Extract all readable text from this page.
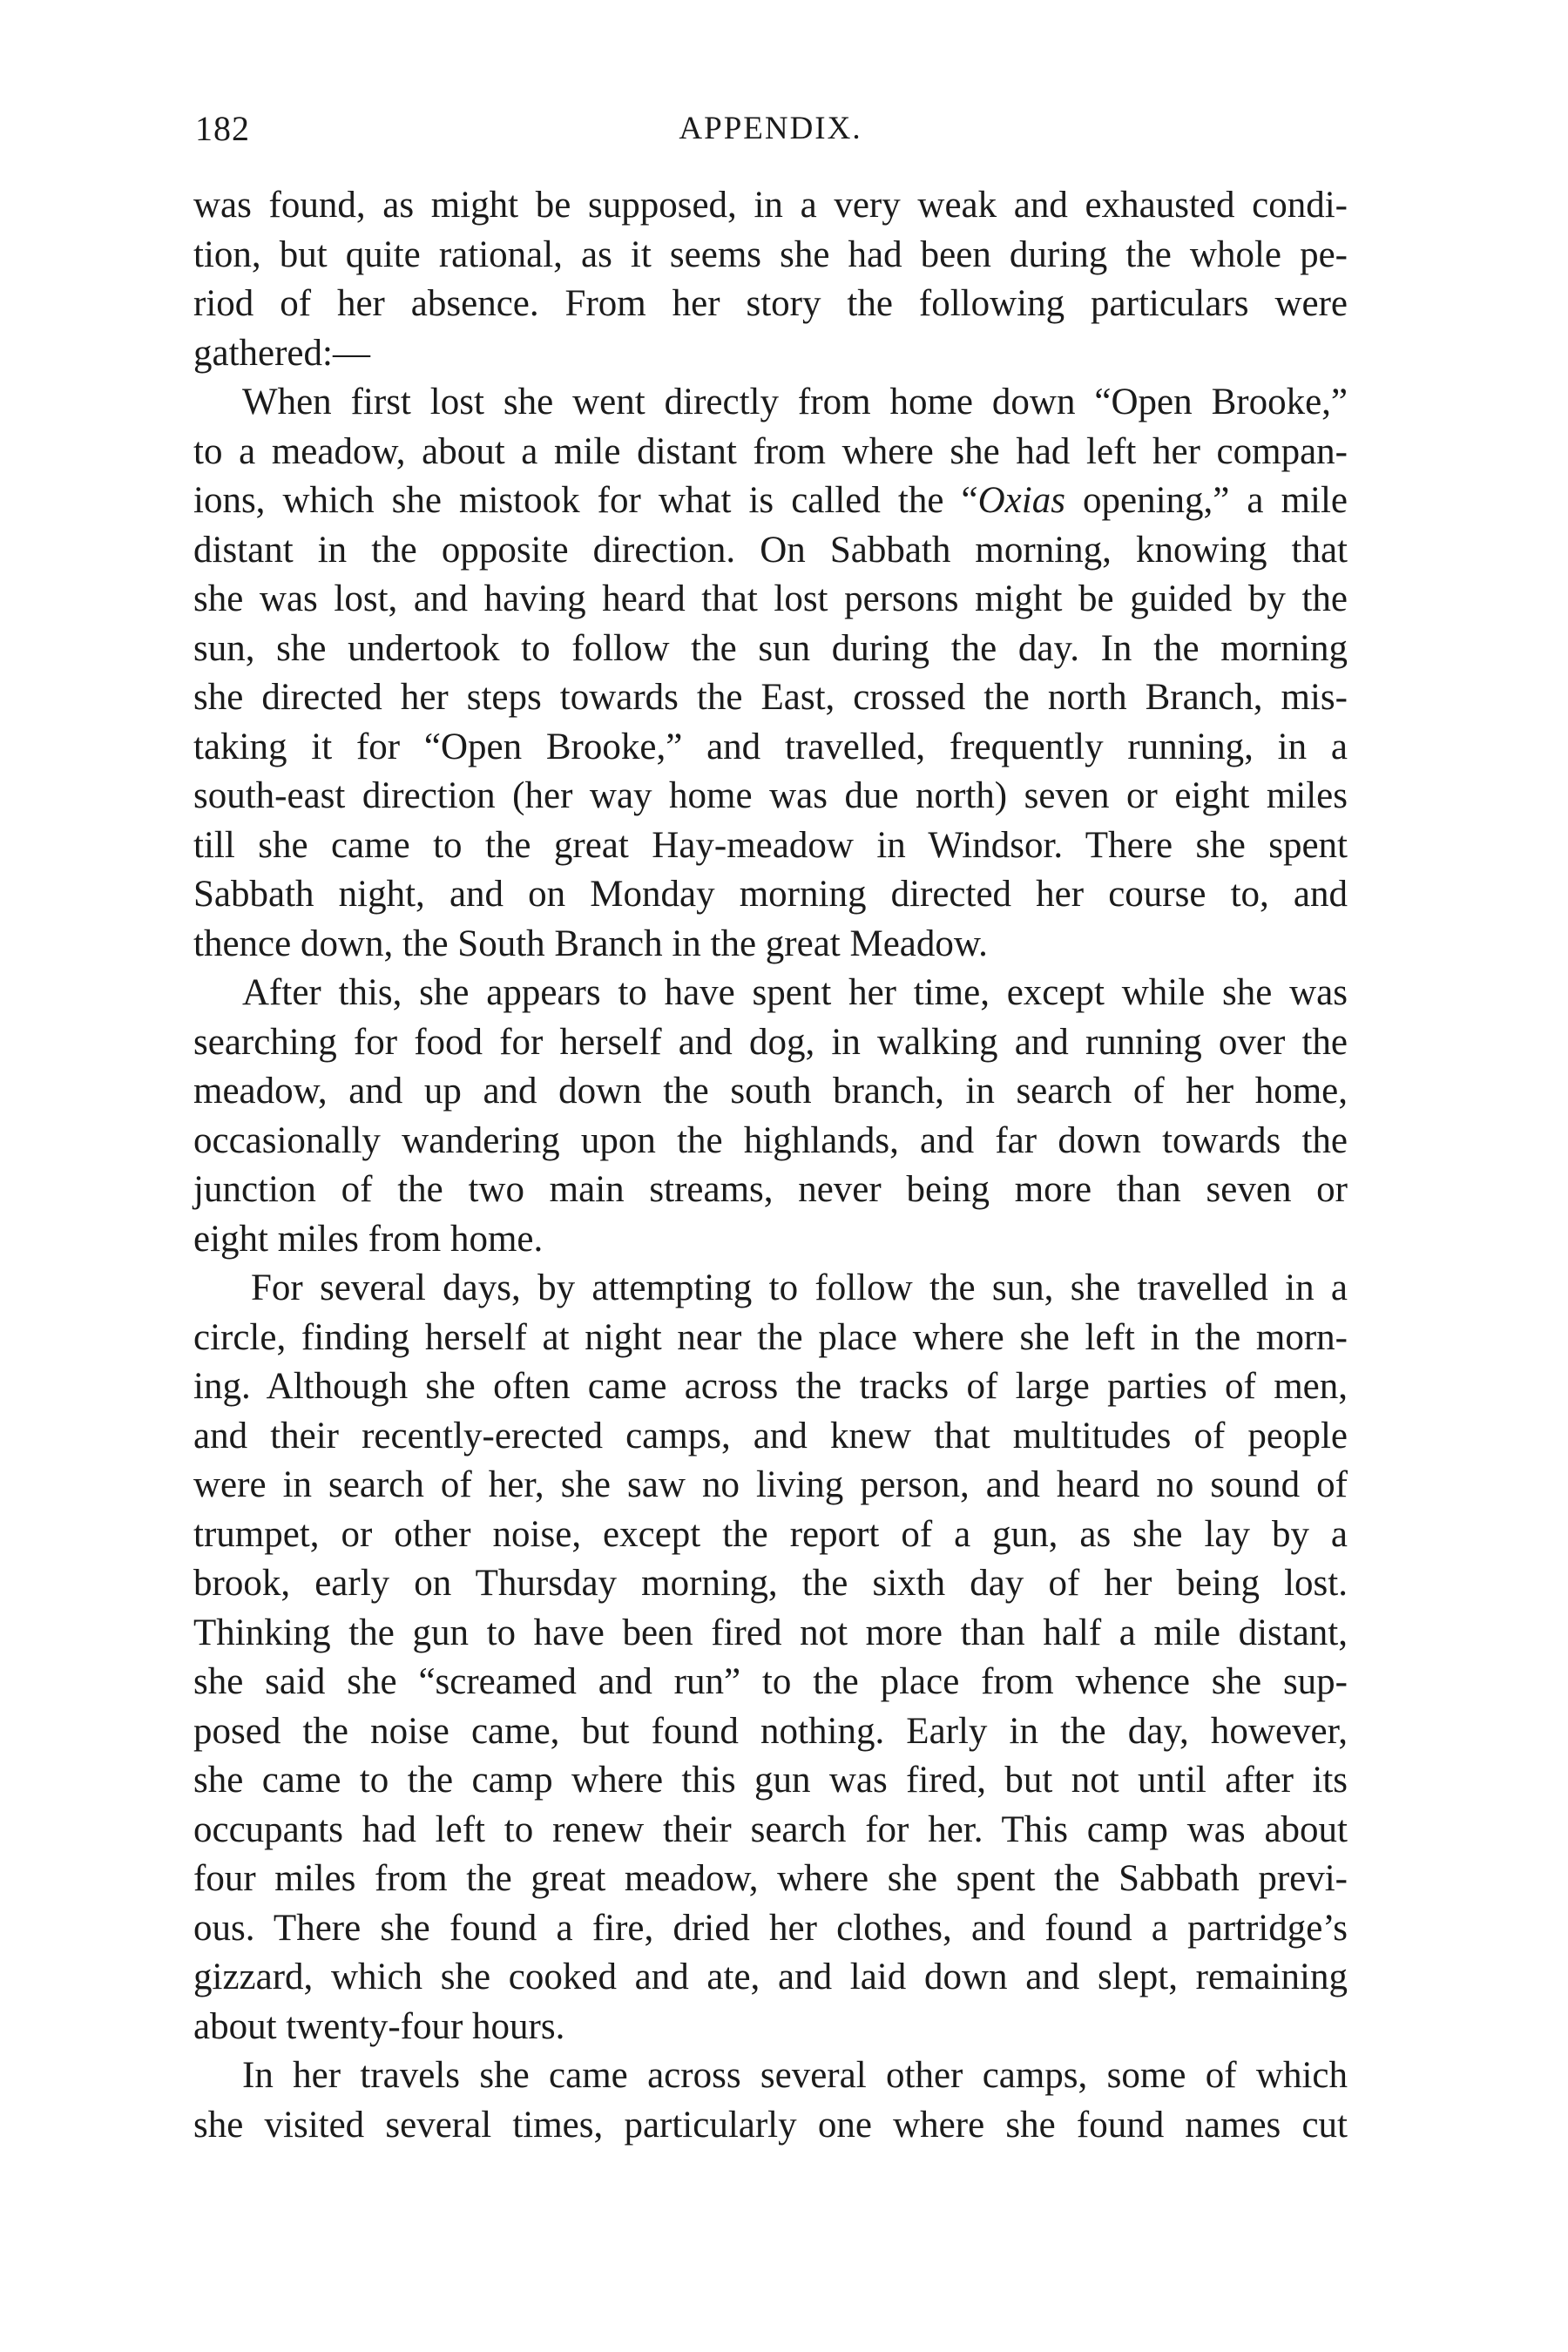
182	APPENDIX.

was found, as might be supposed, in a very weak and exhausted condi-
tion, but quite rational, as it seems she had been during the whole pe-
riod of her absence. From her story the following particulars were
gathered:—

When first lost she went directly from home down “Open Brooke,”
to a meadow, about a mile distant from where she had left her compan-
ions, which she mistook for what is called the “Oxias opening,” a mile
distant in the opposite direction. On Sabbath morning, knowing that
she was lost, and having heard that lost persons might be guided by the
sun, she undertook to follow the sun during the day. In the morning
she directed her steps towards the East, crossed the north Branch, mis-
taking it for “Open Brooke,” and travelled, frequently running, in a
south-east direction (her way home was due north) seven or eight miles
till she came to the great Hay-meadow in Windsor. There she spent
Sabbath night, and on Monday morning directed her course to, and
thence down, the South Branch in the great Meadow.

After this, she appears to have spent her time, except while she was
searching for food for herself and dog, in walking and running over the
meadow, and up and down the south branch, in search of her home,
occasionally wandering upon the highlands, and far down towards the
junction of the two main streams, never being more than seven or
eight miles from home.

For several days, by attempting to follow the sun, she travelled in a
circle, finding herself at night near the place where she left in the morn-
ing. Although she often came across the tracks of large parties of men,
and their recently-erected camps, and knew that multitudes of people
were in search of her, she saw no living person, and heard no sound of
trumpet, or other noise, except the report of a gun, as she lay by a
brook, early on Thursday morning, the sixth day of her being lost.
Thinking the gun to have been fired not more than half a mile distant,
she said she “screamed and run” to the place from whence she sup-
posed the noise came, but found nothing. Early in the day, however,
she came to the camp where this gun was fired, but not until after its
occupants had left to renew their search for her. This camp was about
four miles from the great meadow, where she spent the Sabbath previ-
ous. There she found a fire, dried her clothes, and found a partridge’s
gizzard, which she cooked and ate, and laid down and slept, remaining
about twenty-four hours.

In her travels she came across several other camps, some of which
she visited several times, particularly one where she found names cut
